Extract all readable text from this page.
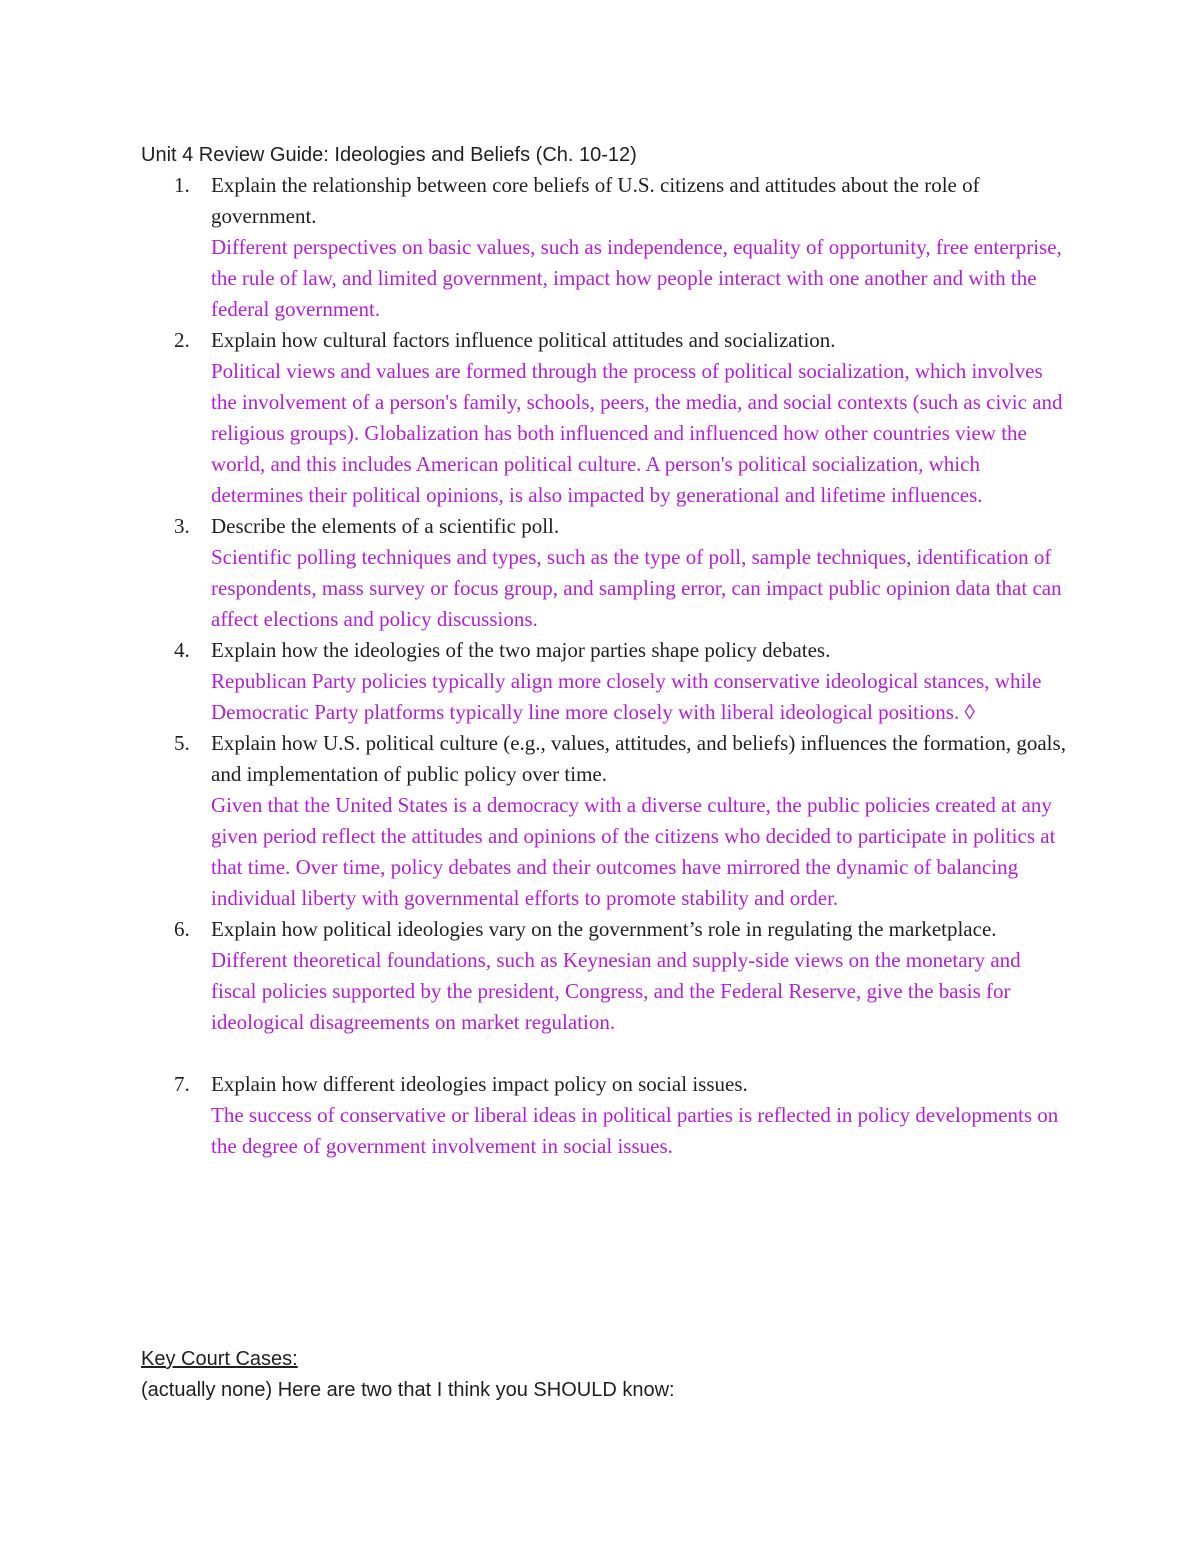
Unit 4 Review Guide: Ideologies and Beliefs (Ch. 10-12)
1. Explain the relationship between core beliefs of U.S. citizens and attitudes about the role of government.
Different perspectives on basic values, such as independence, equality of opportunity, free enterprise, the rule of law, and limited government, impact how people interact with one another and with the federal government.
2. Explain how cultural factors influence political attitudes and socialization.
Political views and values are formed through the process of political socialization, which involves the involvement of a person's family, schools, peers, the media, and social contexts (such as civic and religious groups). Globalization has both influenced and influenced how other countries view the world, and this includes American political culture. A person's political socialization, which determines their political opinions, is also impacted by generational and lifetime influences.
3. Describe the elements of a scientific poll.
Scientific polling techniques and types, such as the type of poll, sample techniques, identification of respondents, mass survey or focus group, and sampling error, can impact public opinion data that can affect elections and policy discussions.
4. Explain how the ideologies of the two major parties shape policy debates.
Republican Party policies typically align more closely with conservative ideological stances, while Democratic Party platforms typically line more closely with liberal ideological positions. ◊
5. Explain how U.S. political culture (e.g., values, attitudes, and beliefs) influences the formation, goals, and implementation of public policy over time.
Given that the United States is a democracy with a diverse culture, the public policies created at any given period reflect the attitudes and opinions of the citizens who decided to participate in politics at that time. Over time, policy debates and their outcomes have mirrored the dynamic of balancing individual liberty with governmental efforts to promote stability and order.
6. Explain how political ideologies vary on the government’s role in regulating the marketplace.
Different theoretical foundations, such as Keynesian and supply-side views on the monetary and fiscal policies supported by the president, Congress, and the Federal Reserve, give the basis for ideological disagreements on market regulation.
7. Explain how different ideologies impact policy on social issues.
The success of conservative or liberal ideas in political parties is reflected in policy developments on the degree of government involvement in social issues.
Key Court Cases:
(actually none) Here are two that I think you SHOULD know:
